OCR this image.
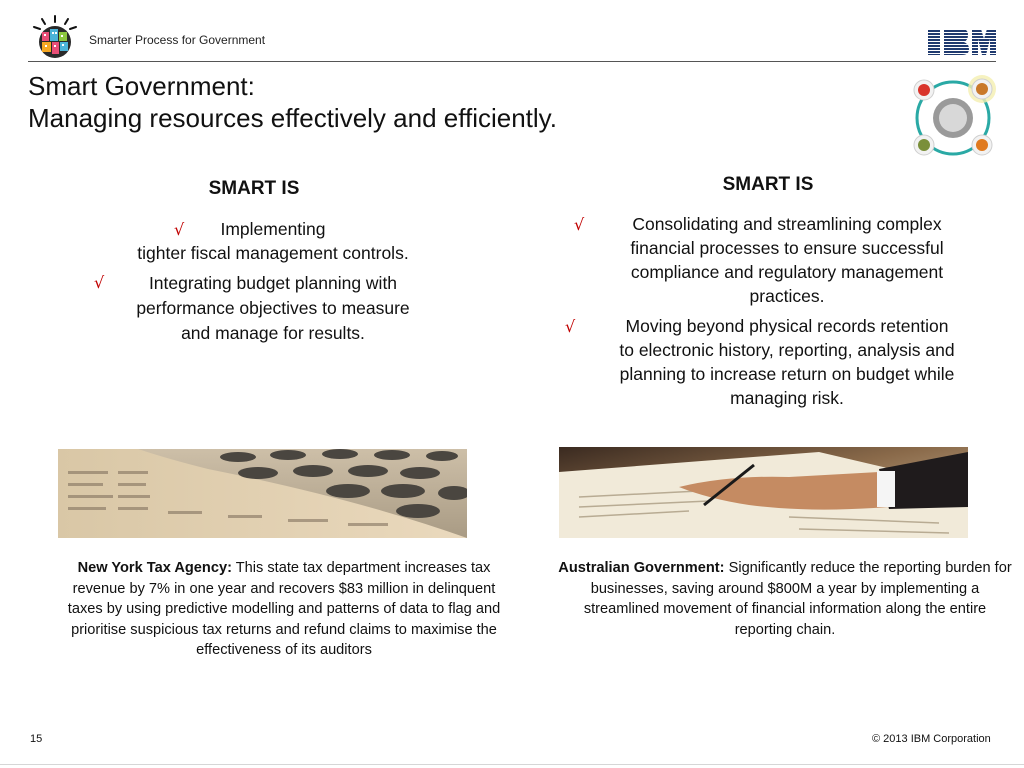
Smarter Process for Government
Smart Government:
Managing resources effectively and efficiently.
SMART IS
√	Implementing
tighter fiscal management controls.
√	Integrating budget planning with
performance objectives to measure
and manage for results.
SMART IS
√	Consolidating and streamlining complex
financial processes to ensure successful
compliance and regulatory management
practices.
√	Moving beyond physical records retention
to electronic history, reporting, analysis and
planning to increase return on budget while
managing risk.
New York Tax Agency: This state tax department increases tax revenue by 7% in one year and recovers $83 million in delinquent taxes by using predictive modelling and patterns of data to flag and prioritise suspicious tax returns and refund claims to maximise the effectiveness of its auditors
Australian Government: Significantly reduce the reporting burden for businesses, saving around $800M a year by implementing a streamlined movement of financial information along the entire reporting chain.
15	© 2013 IBM Corporation
